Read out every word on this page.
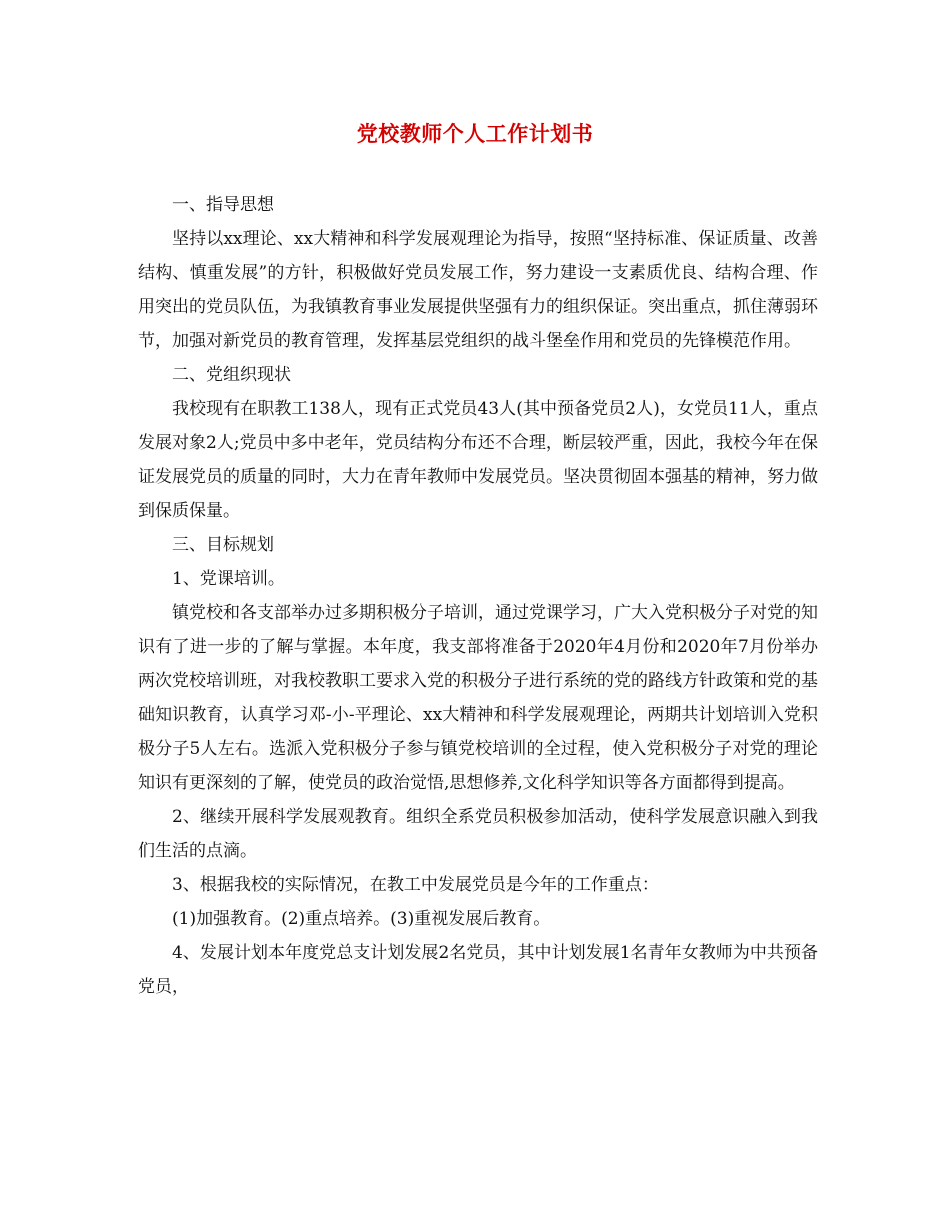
党校教师个人工作计划书

一、指导思想

坚持以xx理论、xx大精神和科学发展观理论为指导，按照“坚持标准、保证质量、改善结构、慎重发展”的方针，积极做好党员发展工作，努力建设一支素质优良、结构合理、作用突出的党员队伍，为我镇教育事业发展提供坚强有力的组织保证。突出重点，抓住薄弱环节，加强对新党员的教育管理，发挥基层党组织的战斗堡垒作用和党员的先锋模范作用。

二、党组织现状

我校现有在职教工138人，现有正式党员43人(其中预备党员2人)，女党员11人，重点发展对象2人;党员中多中老年，党员结构分布还不合理，断层较严重，因此，我校今年在保证发展党员的质量的同时，大力在青年教师中发展党员。坚决贯彻固本强基的精神，努力做到保质保量。

三、目标规划

1、党课培训。

镇党校和各支部举办过多期积极分子培训，通过党课学习，广大入党积极分子对党的知识有了进一步的了解与掌握。本年度，我支部将准备于2020年4月份和2020年7月份举办两次党校培训班，对我校教职工要求入党的积极分子进行系统的党的路线方针政策和党的基础知识教育，认真学习邓-小-平理论、xx大精神和科学发展观理论，两期共计划培训入党积极分子5人左右。选派入党积极分子参与镇党校培训的全过程，使入党积极分子对党的理论知识有更深刻的了解，使党员的政治觉悟,思想修养,文化科学知识等各方面都得到提高。

2、继续开展科学发展观教育。组织全系党员积极参加活动，使科学发展意识融入到我们生活的点滴。

3、根据我校的实际情况，在教工中发展党员是今年的工作重点：

(1)加强教育。(2)重点培养。(3)重视发展后教育。

4、发展计划本年度党总支计划发展2名党员，其中计划发展1名青年女教师为中共预备党员，
